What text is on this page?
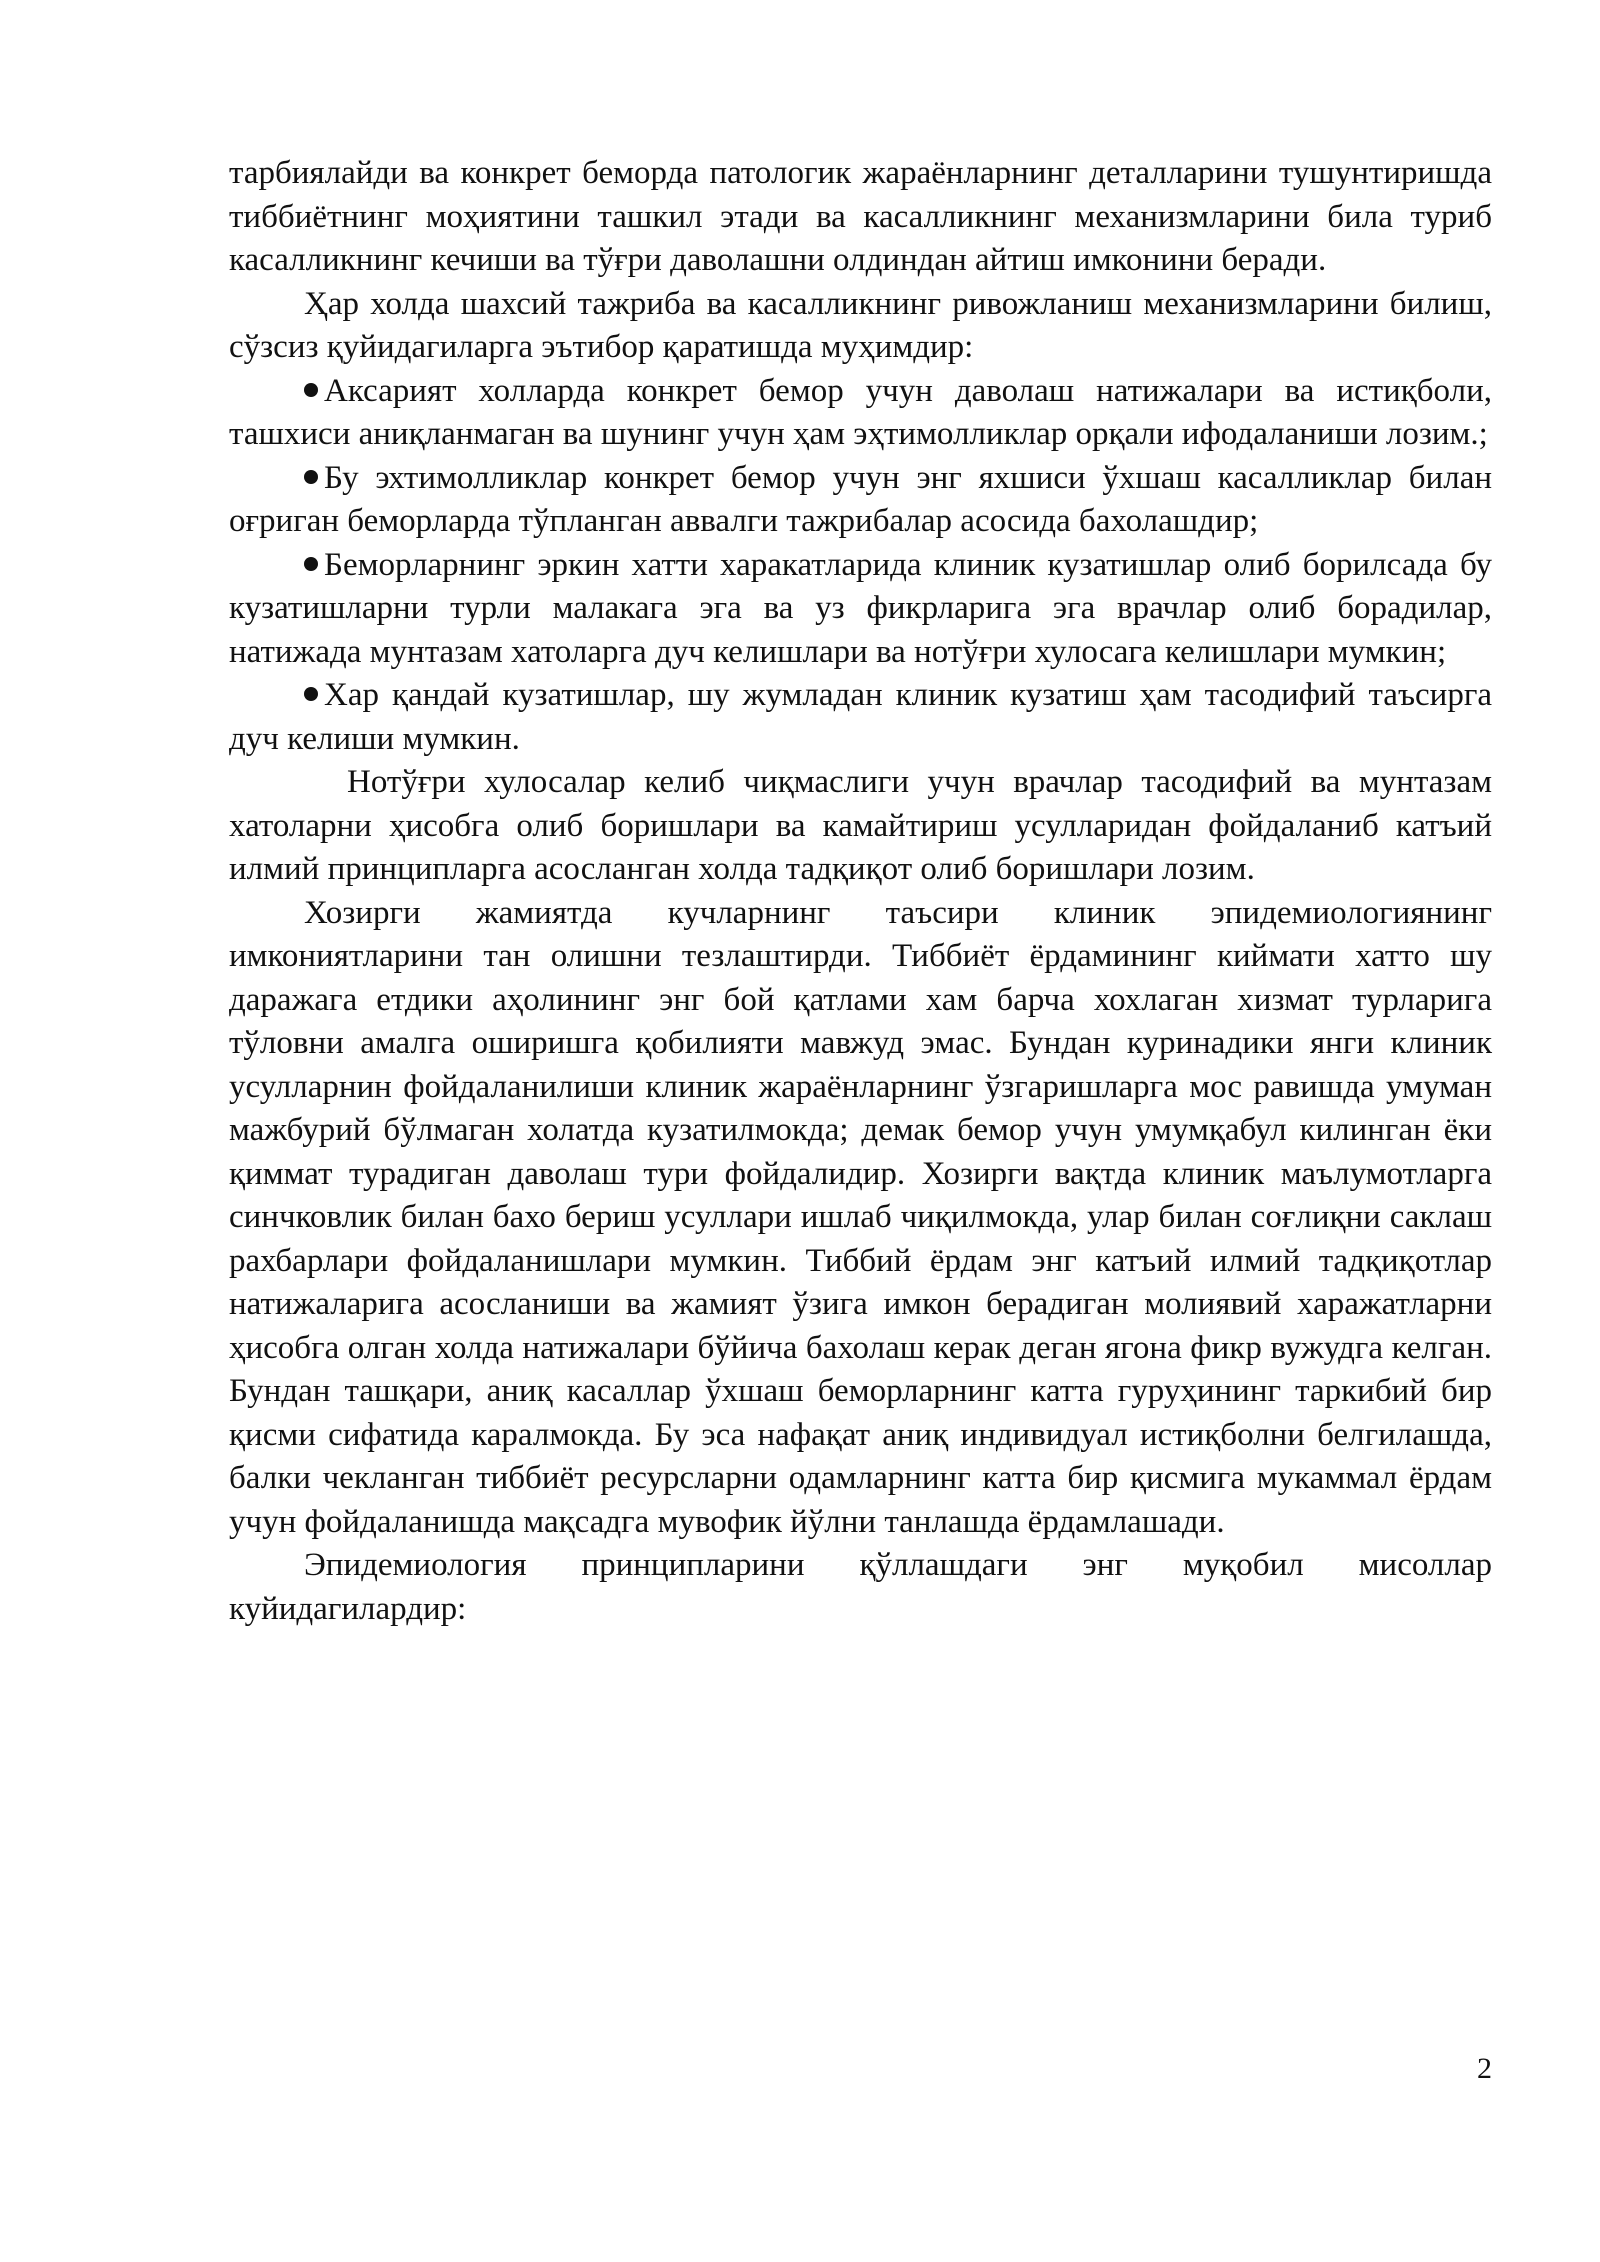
тарбиялайди ва конкрет беморда патологик жараёнларнинг деталларини тушунтиришда тиббиётнинг моҳиятини ташкил этади ва касалликнинг механизмларини била туриб касалликнинг кечиши ва тўғри даволашни олдиндан айтиш имконини беради.

Ҳар холда шахсий тажриба ва касалликнинг ривожланиш механизмларини билиш, сўзсиз қуйидагиларга эътибор қаратишда муҳимдир:

Аксарият холларда конкрет бемор учун даволаш натижалари ва истиқболи, ташхиси аниқланмаган ва шунинг учун ҳам эҳтимолликлар орқали ифодаланиши лозим.;

Бу эхтимолликлар конкрет бемор учун энг яхшиси ўхшаш касалликлар билан оғриган беморларда тўпланган аввалги тажрибалар асосида бахолашдир;

Беморларнинг эркин хатти харакатларида клиник кузатишлар олиб борилсада бу кузатишларни турли малакага эга ва уз фикрларига эга врачлар олиб борадилар, натижада мунтазам хатоларга дуч келишлари ва нотўғри хулосага келишлари мумкин;

Хар қандай кузатишлар, шу жумладан клиник кузатиш ҳам тасодифий таъсирга дуч келиши мумкин.

Нотўғри хулосалар келиб чиқмаслиги учун врачлар тасодифий ва мунтазам хатоларни ҳисобга олиб боришлари ва камайтириш усулларидан фойдаланиб катъий илмий принципларга асосланган холда тадқиқот олиб боришлари лозим.

Хозирги жамиятда кучларнинг таъсири клиник эпидемиологиянинг имкониятларини тан олишни тезлаштирди. Тиббиёт ёрдамининг киймати хатто шу даражага етдики аҳолининг энг бой қатлами хам барча хохлаган хизмат турларига тўловни амалга оширишга қобилияти мавжуд эмас. Бундан куринадики янги клиник усулларнин фойдаланилиши клиник жараёнларнинг ўзгаришларга мос равишда умуман мажбурий бўлмаган холатда кузатилмокда; демак бемор учун умумқабул килинган ёки қиммат турадиган даволаш тури фойдалидир. Хозирги вақтда клиник маълумотларга синчковлик билан бахо бериш усуллари ишлаб чиқилмокда, улар билан соғлиқни саклаш рахбарлари фойдаланишлари мумкин. Тиббий ёрдам энг катъий илмий тадқиқотлар натижаларига асосланиши ва жамият ўзига имкон берадиган молиявий харажатларни ҳисобга олган холда натижалари бўйича бахолаш керак деган ягона фикр вужудга келган. Бундан ташқари, аниқ касаллар ўхшаш беморларнинг катта гуруҳининг таркибий бир қисми сифатида каралмокда. Бу эса нафақат аниқ индивидуал истиқболни белгилашда, балки чекланган тиббиёт ресурсларни одамларнинг катта бир қисмига мукаммал ёрдам учун фойдаланишда мақсадга мувофик йўлни танлашда ёрдамлашади.

Эпидемиология принципларини қўллашдаги энг муқобил мисоллар куйидагилардир:

2
